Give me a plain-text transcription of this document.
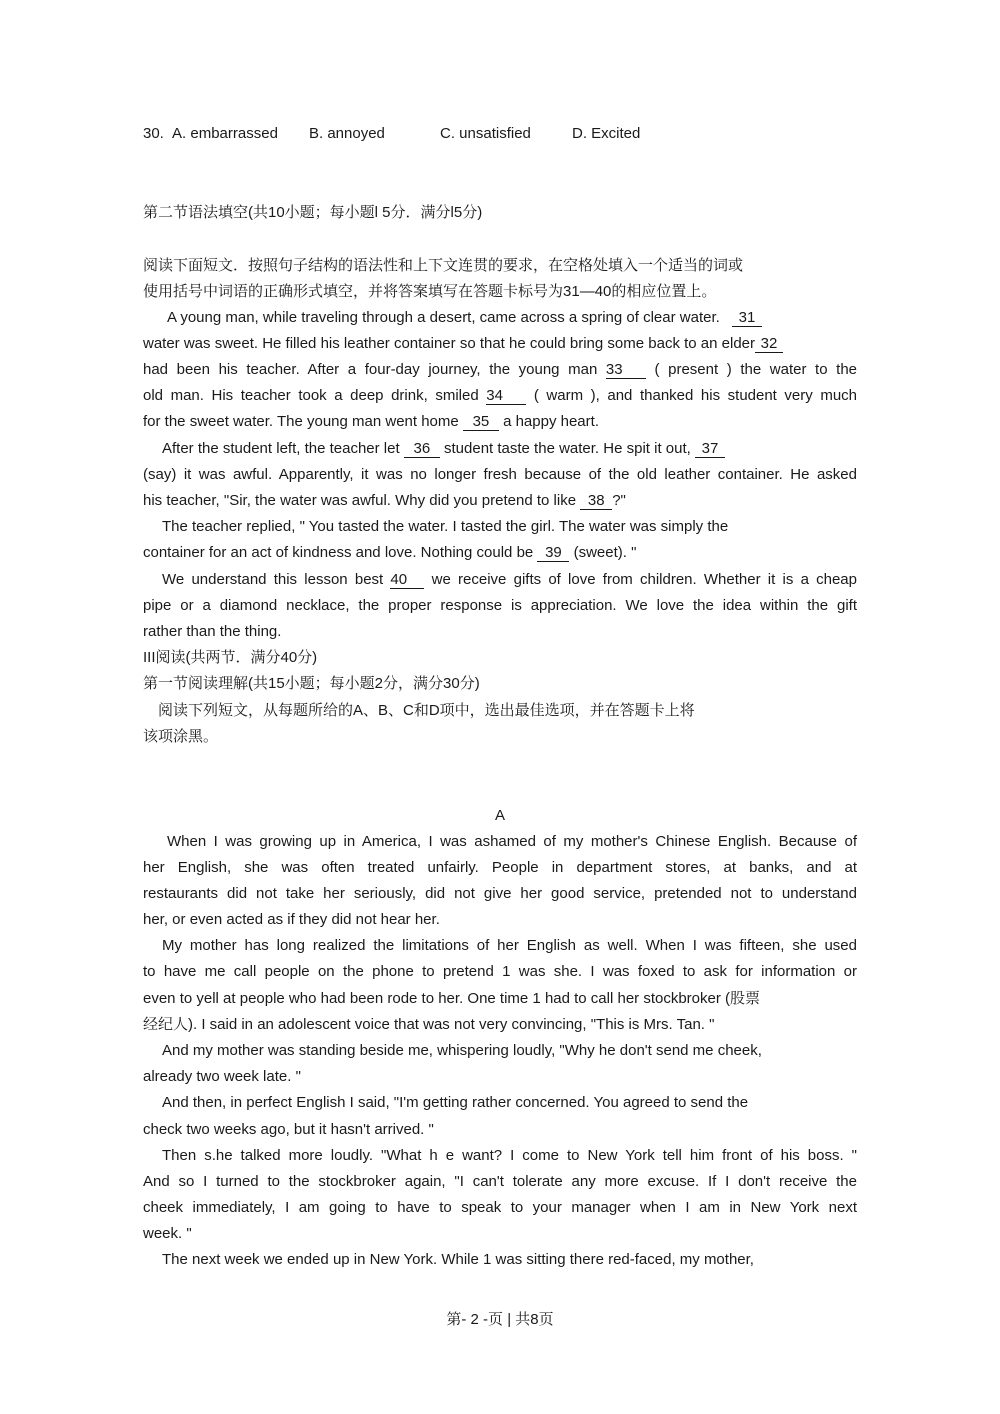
30. A. embarrassed B. annoyed	C. unsatisfied	D. Excited
第二节语法填空(共10小题；每小题l 5分．满分l5分)
阅读下面短文．按照句子结构的语法性和上下文连贯的要求，在空格处填入一个适当的词或
使用括号中词语的正确形式填空，并将答案填写在答题卡标号为31—40的相应位置上。
A young man, while traveling through a desert, came across a spring of clear water. 31
water was sweet. He filled his leather container so that he could bring some back to an elder 32
had been his teacher. After a four-day journey, the young man 33 ( present ) the water to the
old man. His teacher took a deep drink, smiled 34 ( warm ), and thanked his student very much
for the sweet water. The young man went home 35 a happy heart.
After the student left, the teacher let 36 student taste the water. He spit it out, 37
(say) it was awful. Apparently, it was no longer fresh because of the old leather container. He asked
his teacher, "Sir, the water was awful. Why did you pretend to like 38 ?"
The teacher replied, " You tasted the water. I tasted the girl. The water was simply the
container for an act of kindness and love. Nothing could be 39 (sweet). "
We understand this lesson best 40 we receive gifts of love from children. Whether it is a cheap
pipe or a diamond necklace, the proper response is appreciation. We love the idea within the gift
rather than the thing.
III阅读(共两节．满分40分)
第一节阅读理解(共15小题；每小题2分，满分30分)
阅读下列短文，从每题所给的A、B、C和D项中，选出最佳选项，并在答题卡上将
该项涂黑。
A
When I was growing up in America, I was ashamed of my mother's Chinese English. Because of
her English, she was often treated unfairly. People in department stores, at banks, and at
restaurants did not take her seriously, did not give her good service, pretended not to understand
her, or even acted as if they did not hear her.
My mother has long realized the limitations of her English as well. When I was fifteen, she used
to have me call people on the phone to pretend 1 was she. I was foxed to ask for information or
even to yell at people who had been rode to her. One time 1 had to call her stockbroker (股票
经纪人). I said in an adolescent voice that was not very convincing, "This is Mrs. Tan. "
And my mother was standing beside me, whispering loudly, "Why he don't send me cheek,
already two week late. "
And then, in perfect English I said, "I'm getting rather concerned. You agreed to send the
check two weeks ago, but it hasn't arrived. "
Then s.he talked more loudly. "What h e want? I come to New York tell him front of his boss. "
And so I turned to the stockbroker again, "I can't tolerate any more excuse. If I don't receive the
cheek immediately, I am going to have to speak to your manager when I am in New York next
week. "
The next week we ended up in New York. While 1 was sitting there red-faced, my mother,
第- 2 -页 | 共8页
